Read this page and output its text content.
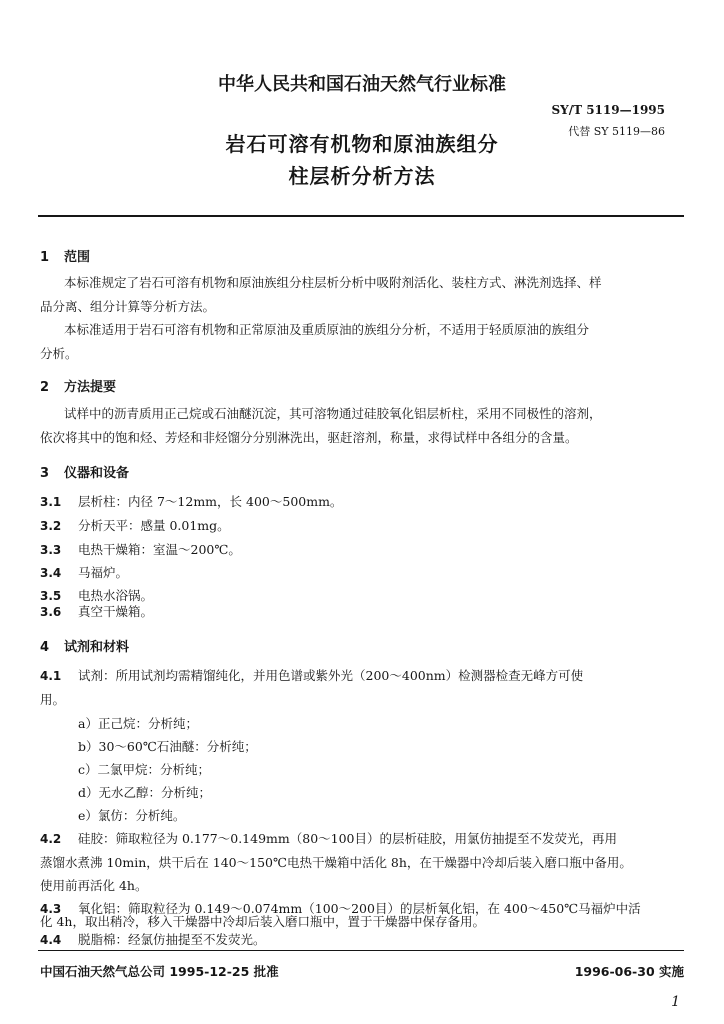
中华人民共和国石油天然气行业标准
SY/T 5119—1995
代替 SY 5119—86
岩石可溶有机物和原油族组分
柱层析分析方法
1 范围
本标准规定了岩石可溶有机物和原油族组分柱层析分析中吸附剂活化、装柱方式、淋洗剂选择、样
品分离、组分计算等分析方法。
本标准适用于岩石可溶有机物和正常原油及重质原油的族组分分析，不适用于轻质原油的族组分
分析。
2 方法提要
试样中的沥青质用正己烷或石油醚沉淀，其可溶物通过硅胶氧化铝层析柱，采用不同极性的溶剂，
依次将其中的饱和烃、芳烃和非烃馏分分别淋洗出，驱赶溶剂，称量，求得试样中各组分的含量。
3 仪器和设备
3.1 层析柱：内径 7～12mm，长 400～500mm。
3.2 分析天平：感量 0.01mg。
3.3 电热干燥箱：室温～200℃。
3.4 马福炉。
3.5 电热水浴锅。
3.6 真空干燥箱。
4 试剂和材料
4.1 试剂：所用试剂均需精馏纯化，并用色谱或紫外光（200～400nm）检测器检查无峰方可使
用。
a）正己烷：分析纯；
b）30～60℃石油醚：分析纯；
c）二氯甲烷：分析纯；
d）无水乙醇：分析纯；
e）氯仿：分析纯。
4.2 硅胶：筛取粒径为 0.177～0.149mm（80～100目）的层析硅胶，用氯仿抽提至不发荧光，再用
蒸馏水煮沸 10min，烘干后在 140～150℃电热干燥箱中活化 8h，在干燥器中冷却后装入磨口瓶中备用。
使用前再活化 4h。
4.3 氧化铝：筛取粒径为 0.149～0.074mm（100～200目）的层析氧化铝，在 400～450℃马福炉中活
化 4h，取出稍冷，移入干燥器中冷却后装入磨口瓶中，置于干燥器中保存备用。
4.4 脱脂棉：经氯仿抽提至不发荧光。
中国石油天然气总公司 1995-12-25 批准	1996-06-30 实施
1
